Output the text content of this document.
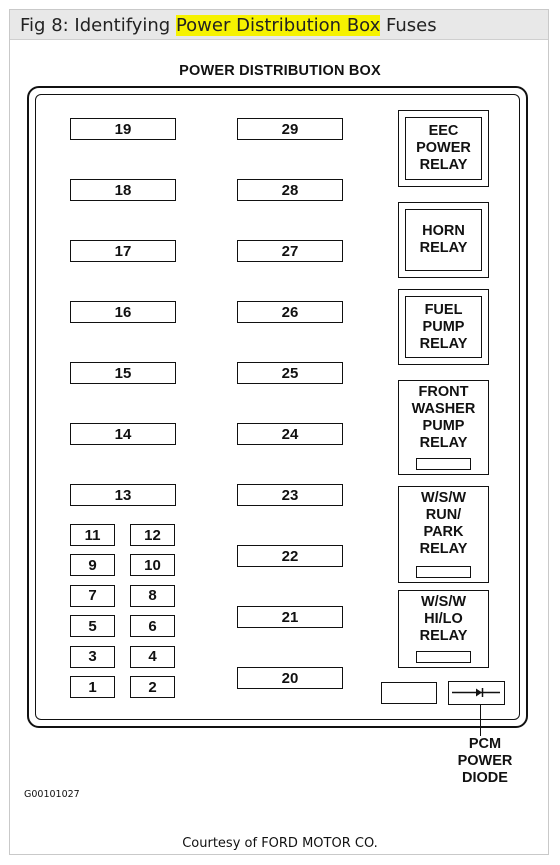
Fig 8: Identifying Power Distribution Box Fuses
POWER DISTRIBUTION BOX
19
18
17
16
15
14
13
29
28
27
26
25
24
23
22
21
20
11	12
9	10
7	8
5	6
3	4
1	2
EEC
POWER
RELAY
HORN
RELAY
FUEL
PUMP
RELAY
FRONT
WASHER
PUMP
RELAY
W/S/W
RUN/
PARK
RELAY
W/S/W
HI/LO
RELAY
PCM
POWER
DIODE
G00101027
Courtesy of FORD MOTOR CO.
